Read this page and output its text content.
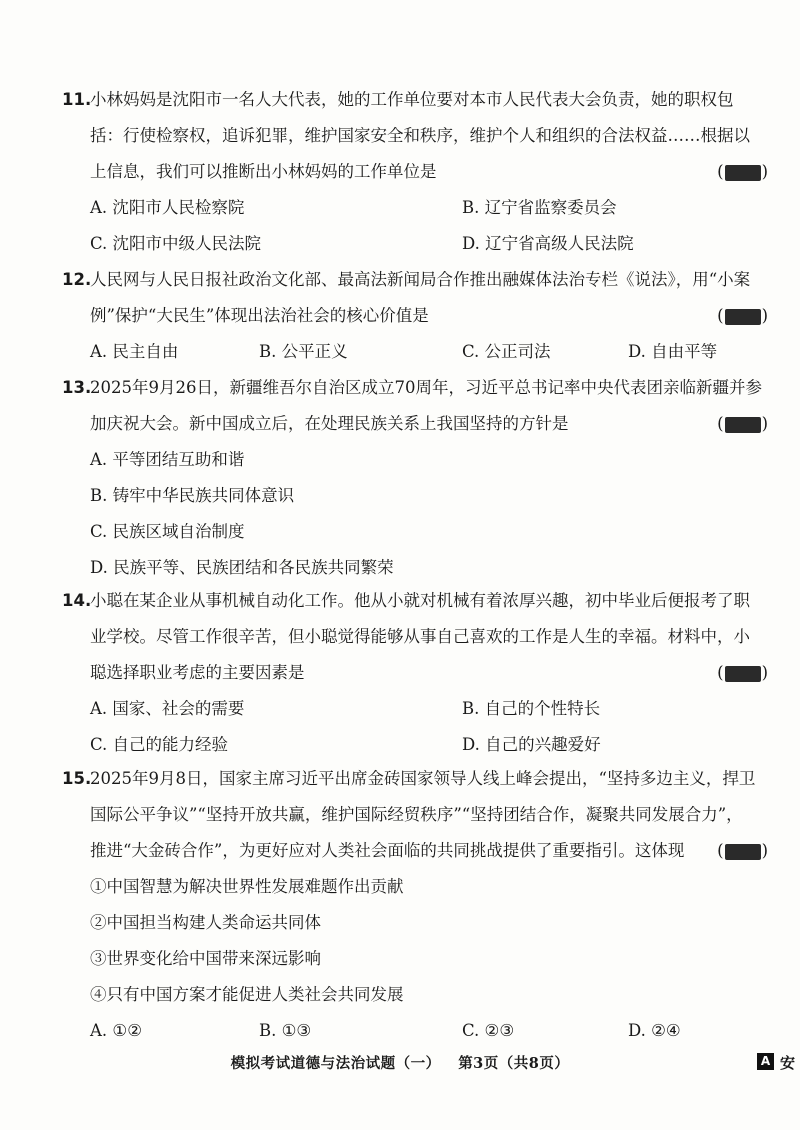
11.小林妈妈是沈阳市一名人大代表，她的工作单位要对本市人民代表大会负责，她的职权包
括：行使检察权，追诉犯罪，维护国家安全和秩序，维护个人和组织的合法权益……根据以
上信息，我们可以推断出小林妈妈的工作单位是	( )
A. 沈阳市人民检察院	B. 辽宁省监察委员会
C. 沈阳市中级人民法院	D. 辽宁省高级人民法院
12.人民网与人民日报社政治文化部、最高法新闻局合作推出融媒体法治专栏《说法》，用“小案
例”保护“大民生”体现出法治社会的核心价值是	( )
A. 民主自由	B. 公平正义	C. 公正司法	D. 自由平等
13.2025年9月26日，新疆维吾尔自治区成立70周年，习近平总书记率中央代表团亲临新疆并参
加庆祝大会。新中国成立后，在处理民族关系上我国坚持的方针是	( )
A. 平等团结互助和谐
B. 铸牢中华民族共同体意识
C. 民族区域自治制度
D. 民族平等、民族团结和各民族共同繁荣
14.小聪在某企业从事机械自动化工作。他从小就对机械有着浓厚兴趣，初中毕业后便报考了职
业学校。尽管工作很辛苦，但小聪觉得能够从事自己喜欢的工作是人生的幸福。材料中，小
聪选择职业考虑的主要因素是	( )
A. 国家、社会的需要	B. 自己的个性特长
C. 自己的能力经验	D. 自己的兴趣爱好
15.2025年9月8日，国家主席习近平出席金砖国家领导人线上峰会提出，“坚持多边主义，捍卫
国际公平争议”“坚持开放共赢，维护国际经贸秩序”“坚持团结合作，凝聚共同发展合力”，
推进“大金砖合作”，为更好应对人类社会面临的共同挑战提供了重要指引。这体现 ( )
①中国智慧为解决世界性发展难题作出贡献
②中国担当构建人类命运共同体
③世界变化给中国带来深远影响
④只有中国方案才能促进人类社会共同发展
A. ①②	B. ①③	C. ②③	D. ②④
模拟考试道德与法治试题（一） 第3页（共8页）	A 安
